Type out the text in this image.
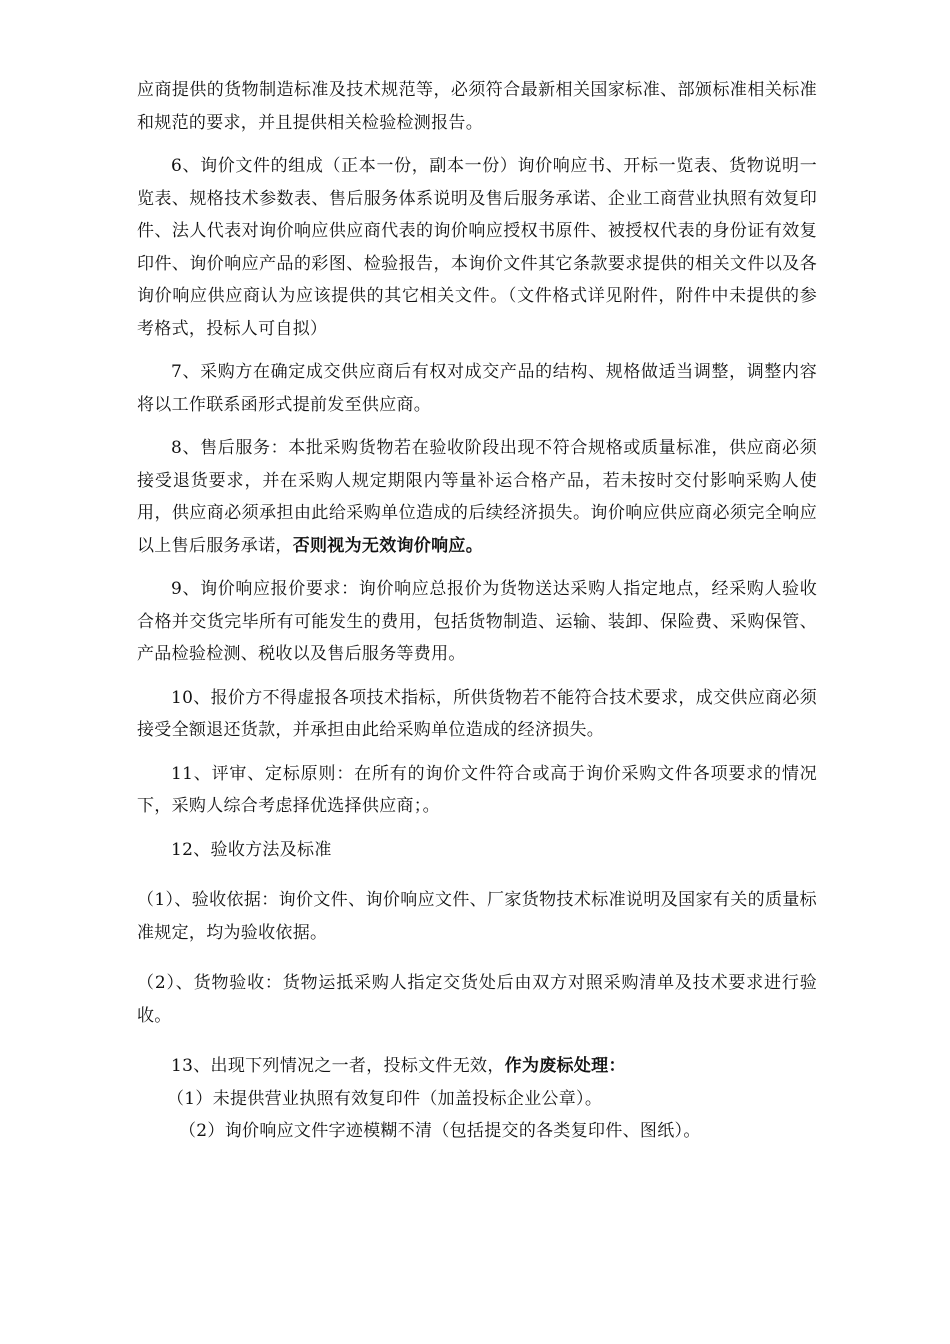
应商提供的货物制造标准及技术规范等，必须符合最新相关国家标准、部颁标准相关标准和规范的要求，并且提供相关检验检测报告。

6、询价文件的组成（正本一份，副本一份）询价响应书、开标一览表、货物说明一览表、规格技术参数表、售后服务体系说明及售后服务承诺、企业工商营业执照有效复印件、法人代表对询价响应供应商代表的询价响应授权书原件、被授权代表的身份证有效复印件、询价响应产品的彩图、检验报告，本询价文件其它条款要求提供的相关文件以及各询价响应供应商认为应该提供的其它相关文件。（文件格式详见附件，附件中未提供的参考格式，投标人可自拟）

7、采购方在确定成交供应商后有权对成交产品的结构、规格做适当调整，调整内容将以工作联系函形式提前发至供应商。

8、售后服务：本批采购货物若在验收阶段出现不符合规格或质量标准，供应商必须接受退货要求，并在采购人规定期限内等量补运合格产品，若未按时交付影响采购人使用，供应商必须承担由此给采购单位造成的后续经济损失。询价响应供应商必须完全响应以上售后服务承诺，否则视为无效询价响应。

9、询价响应报价要求：询价响应总报价为货物送达采购人指定地点，经采购人验收合格并交货完毕所有可能发生的费用，包括货物制造、运输、装卸、保险费、采购保管、产品检验检测、税收以及售后服务等费用。

10、报价方不得虚报各项技术指标，所供货物若不能符合技术要求，成交供应商必须接受全额退还货款，并承担由此给采购单位造成的经济损失。

11、评审、定标原则：在所有的询价文件符合或高于询价采购文件各项要求的情况下，采购人综合考虑择优选择供应商；。

12、验收方法及标准

（1）、验收依据：询价文件、询价响应文件、厂家货物技术标准说明及国家有关的质量标准规定，均为验收依据。

（2）、货物验收：货物运抵采购人指定交货处后由双方对照采购清单及技术要求进行验收。

13、出现下列情况之一者，投标文件无效，作为废标处理：

（1）未提供营业执照有效复印件（加盖投标企业公章）。

（2）询价响应文件字迹模糊不清（包括提交的各类复印件、图纸）。
